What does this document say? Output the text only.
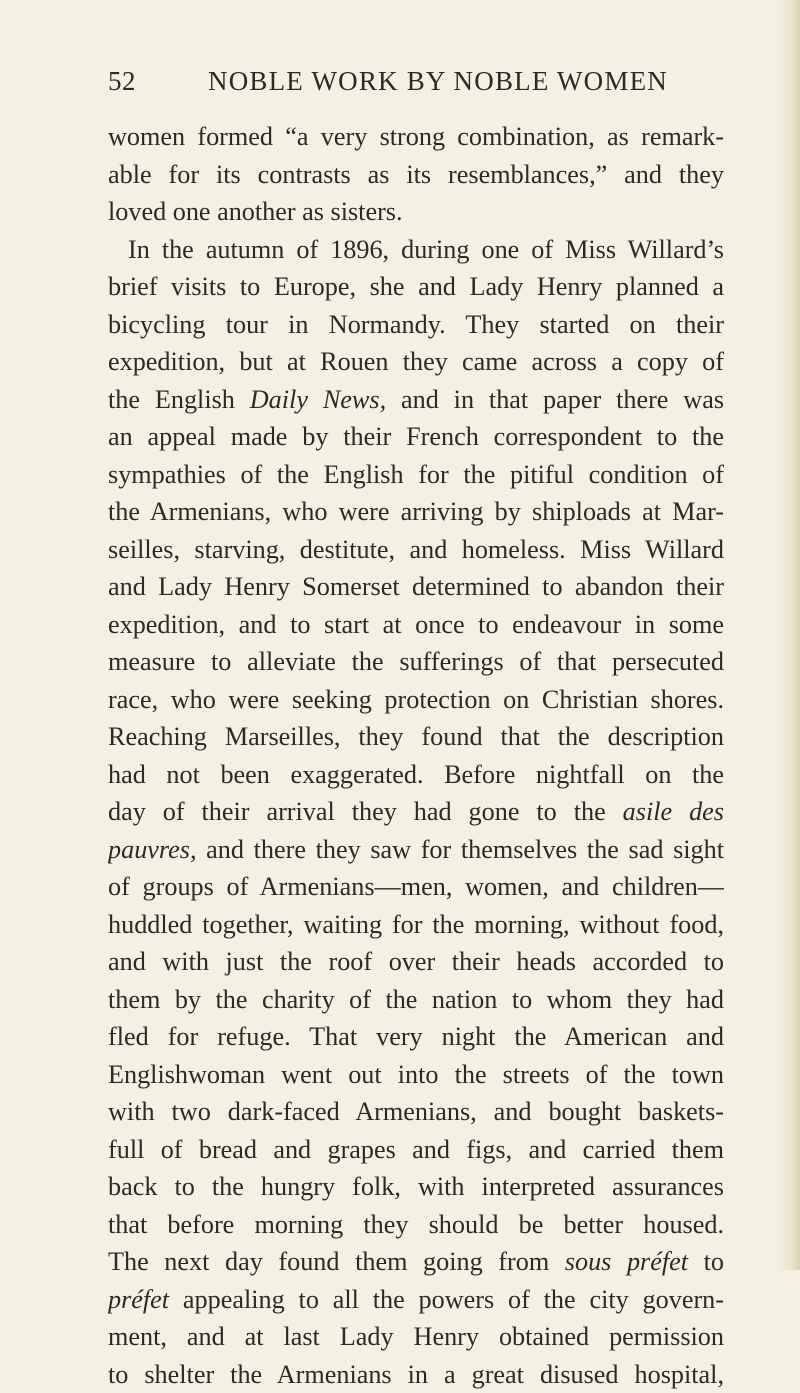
52	NOBLE WORK BY NOBLE WOMEN
women formed “a very strong combination, as remark-
able for its contrasts as its resemblances,” and they
loved one another as sisters.
In the autumn of 1896, during one of Miss Willard’s
brief visits to Europe, she and Lady Henry planned a
bicycling tour in Normandy. They started on their
expedition, but at Rouen they came across a copy of
the English Daily News, and in that paper there was
an appeal made by their French correspondent to the
sympathies of the English for the pitiful condition of
the Armenians, who were arriving by shiploads at Mar-
seilles, starving, destitute, and homeless. Miss Willard
and Lady Henry Somerset determined to abandon their
expedition, and to start at once to endeavour in some
measure to alleviate the sufferings of that persecuted
race, who were seeking protection on Christian shores.
Reaching Marseilles, they found that the description
had not been exaggerated. Before nightfall on the
day of their arrival they had gone to the asile des
pauvres, and there they saw for themselves the sad sight
of groups of Armenians—men, women, and children—
huddled together, waiting for the morning, without food,
and with just the roof over their heads accorded to
them by the charity of the nation to whom they had
fled for refuge. That very night the American and
Englishwoman went out into the streets of the town
with two dark-faced Armenians, and bought baskets-
full of bread and grapes and figs, and carried them
back to the hungry folk, with interpreted assurances
that before morning they should be better housed.
The next day found them going from sous préfet to
préfet appealing to all the powers of the city govern-
ment, and at last Lady Henry obtained permission
to shelter the Armenians in a great disused hospital,
